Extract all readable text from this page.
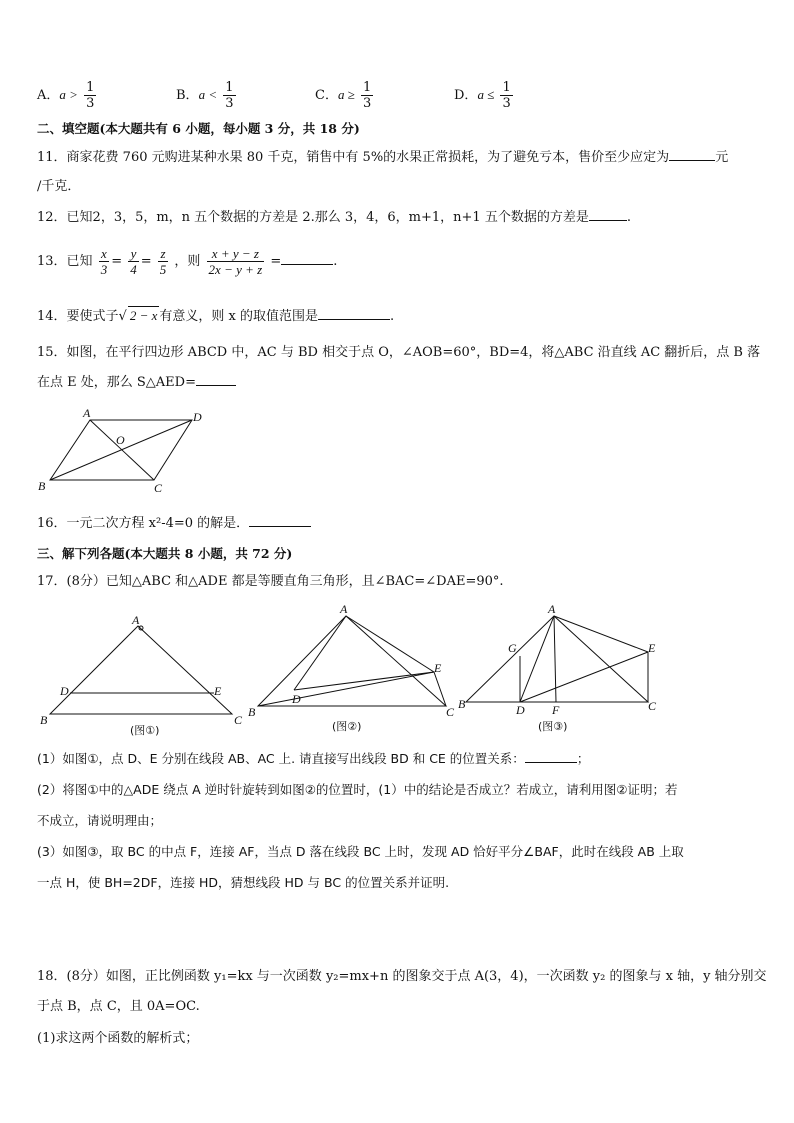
A．$a > \frac{1}{3}$	B．$a < \frac{1}{3}$	C．$a \ge \frac{1}{3}$	D．$a \le \frac{1}{3}$
二、填空题(本大题共有 6 小题，每小题 3 分，共 18 分)
11．商家花费 760 元购进某种水果 80 千克，销售中有 5%的水果正常损耗，为了避免亏本，售价至少应定为	元
/千克．
12．已知2，3，5，m，n 五个数据的方差是 2.那么 3，4，6，m+1，n+1 五个数据的方差是	.
13．已知 $\frac{x}{3} = \frac{y}{4} = \frac{z}{5}$ ，则 $\frac{x + y - z}{2x - y + z}$ =	.
14．要使式子√ 2 − x 有意义，则 x 的取值范围是	.
15．如图，在平行四边形 ABCD 中，AC 与 BD 相交于点 O，∠AOB=60°，BD=4，将△ABC 沿直线 AC 翻折后，点 B 落
在点 E 处，那么 S△AED=
A	D
O
B	C
16．一元二次方程 x²-4=0 的解是．
三、解下列各题(本大题共 8 小题，共 72 分)
17．(8分）已知△ABC 和△ADE 都是等腰直角三角形，且∠BAC=∠DAE=90°.
A
D	E
B	C
(图①)
A
D
E
B	C
(图②)
A
G	E
B	D F	C
(图③)
(1）如图①，点 D、E 分别在线段 AB、AC 上. 请直接写出线段 BD 和 CE 的位置关系：	；
(2）将图①中的△ADE 绕点 A 逆时针旋转到如图②的位置时，(1）中的结论是否成立？若成立，请利用图②证明；若
不成立，请说明理由；
(3）如图③，取 BC 的中点 F，连接 AF，当点 D 落在线段 BC 上时，发现 AD 恰好平分∠BAF，此时在线段 AB 上取
一点 H，使 BH=2DF，连接 HD，猜想线段 HD 与 BC 的位置关系并证明.
18．(8分）如图，正比例函数 y₁=kx 与一次函数 y₂=mx+n 的图象交于点 A(3，4)，一次函数 y₂ 的图象与 x 轴，y 轴分别交
于点 B，点 C，且 0A=OC.
(1)求这两个函数的解析式；
